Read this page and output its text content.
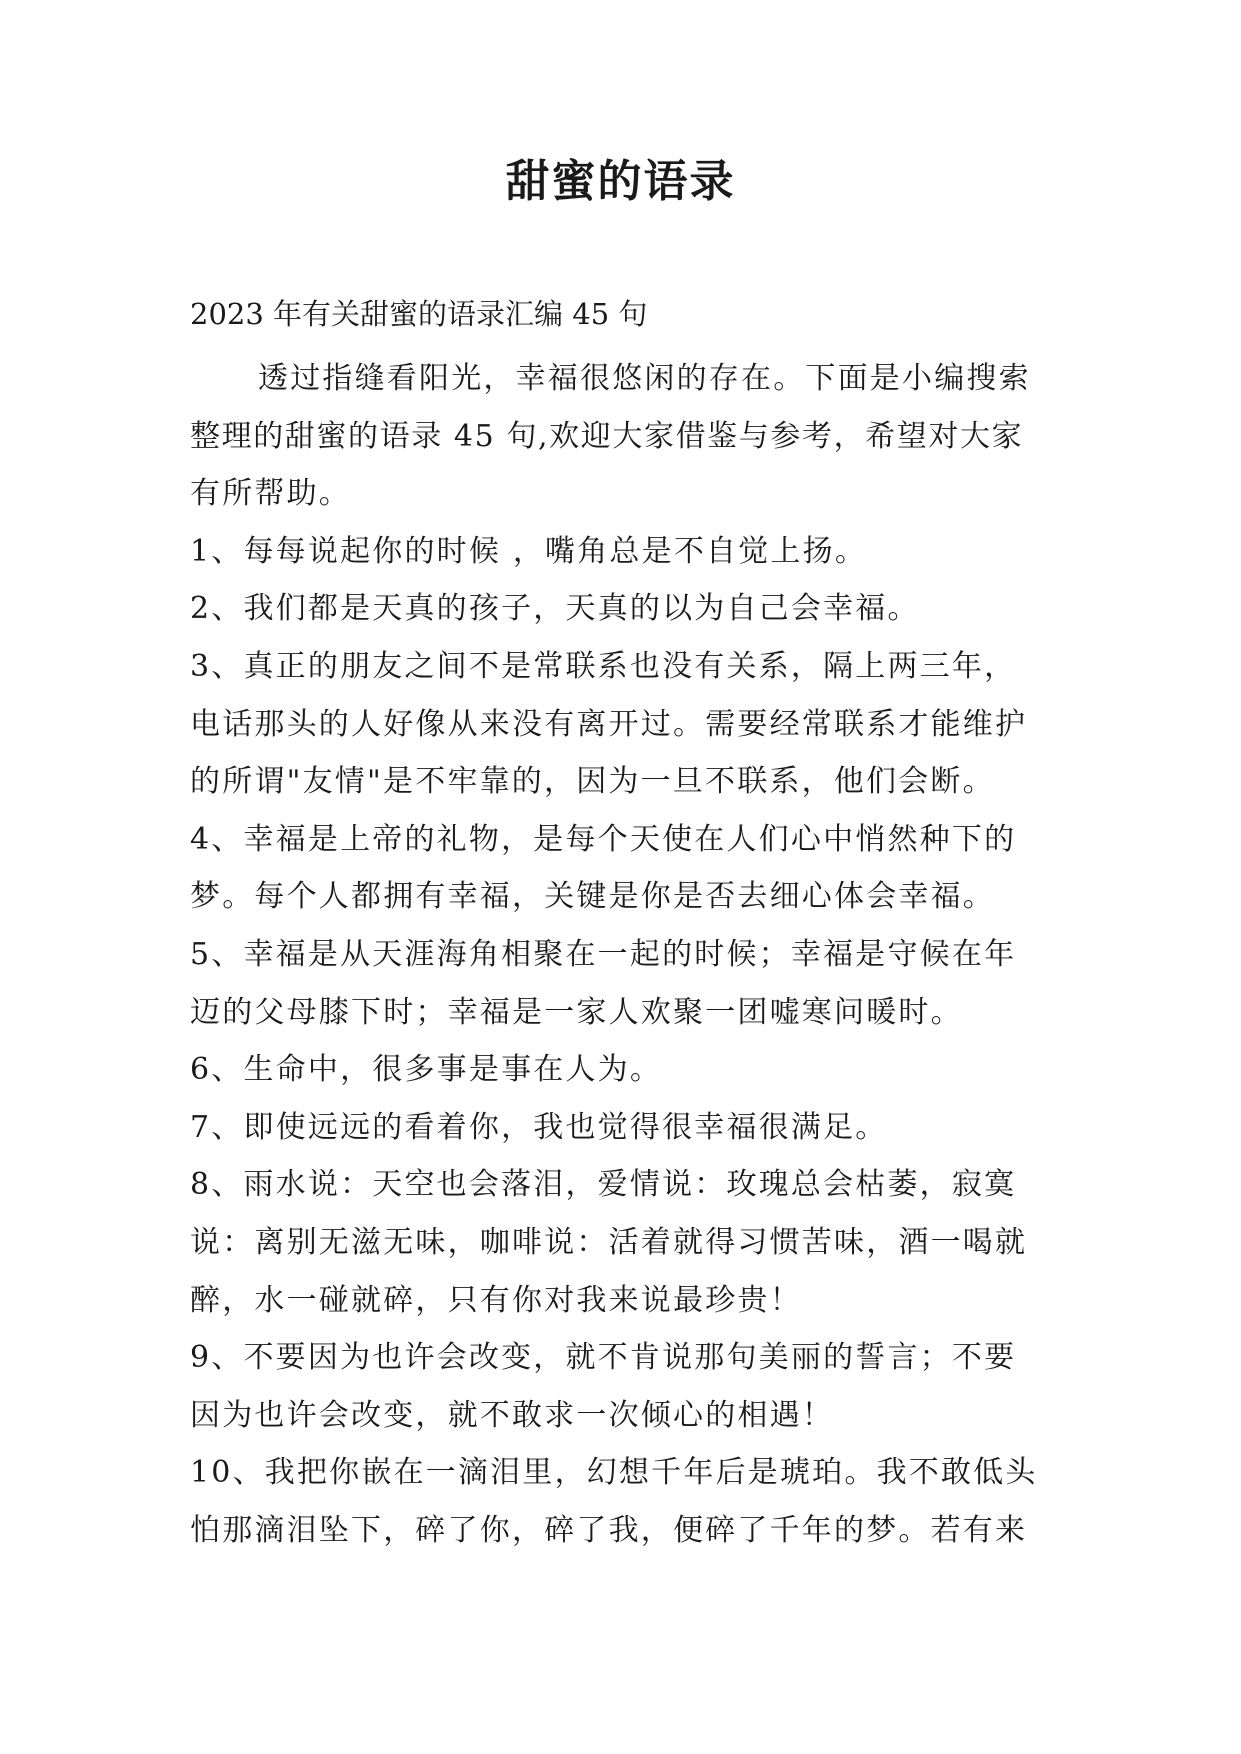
甜蜜的语录
2023 年有关甜蜜的语录汇编 45 句
透过指缝看阳光，幸福很悠闲的存在。下面是小编搜索
整理的甜蜜的语录 45 句,欢迎大家借鉴与参考，希望对大家
有所帮助。
1、每每说起你的时候 ，嘴角总是不自觉上扬。
2、我们都是天真的孩子，天真的以为自己会幸福。
3、真正的朋友之间不是常联系也没有关系，隔上两三年，
电话那头的人好像从来没有离开过。需要经常联系才能维护
的所谓"友情"是不牢靠的，因为一旦不联系，他们会断。
4、幸福是上帝的礼物，是每个天使在人们心中悄然种下的
梦。每个人都拥有幸福，关键是你是否去细心体会幸福。
5、幸福是从天涯海角相聚在一起的时候；幸福是守候在年
迈的父母膝下时；幸福是一家人欢聚一团嘘寒问暖时。
6、生命中，很多事是事在人为。
7、即使远远的看着你，我也觉得很幸福很满足。
8、雨水说：天空也会落泪，爱情说：玫瑰总会枯萎，寂寞
说：离别无滋无味，咖啡说：活着就得习惯苦味，酒一喝就
醉，水一碰就碎，只有你对我来说最珍贵！
9、不要因为也许会改变，就不肯说那句美丽的誓言；不要
因为也许会改变，就不敢求一次倾心的相遇！
10、我把你嵌在一滴泪里，幻想千年后是琥珀。我不敢低头
怕那滴泪坠下，碎了你，碎了我，便碎了千年的梦。若有来
